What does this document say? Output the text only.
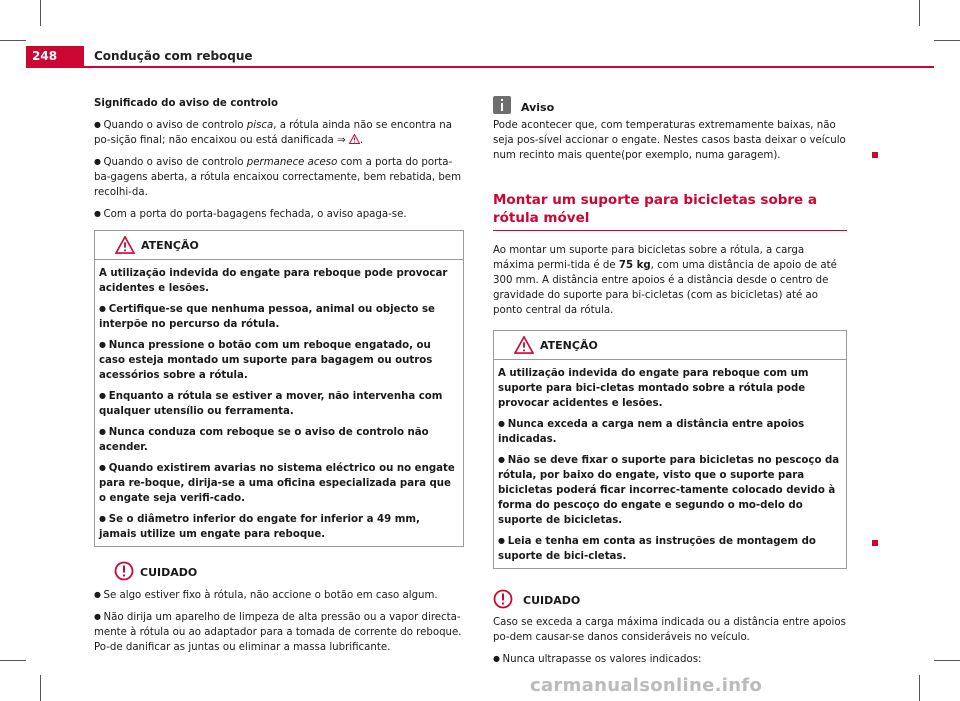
248	Condução com reboque

Significado do aviso de controlo

● Quando o aviso de controlo pisca, a rótula ainda não se encontra na po-sição final; não encaixou ou está danificada ⇒ .

● Quando o aviso de controlo permanece aceso com a porta do porta-ba-gagens aberta, a rótula encaixou correctamente, bem rebatida, bem recolhi-da.

● Com a porta do porta-bagagens fechada, o aviso apaga-se.

ATENÇÃO

A utilização indevida do engate para reboque pode provocar acidentes e lesões.

● Certifique-se que nenhuma pessoa, animal ou objecto se interpõe no percurso da rótula.

● Nunca pressione o botão com um reboque engatado, ou caso esteja montado um suporte para bagagem ou outros acessórios sobre a rótula.

● Enquanto a rótula se estiver a mover, não intervenha com qualquer utensílio ou ferramenta.

● Nunca conduza com reboque se o aviso de controlo não acender.

● Quando existirem avarias no sistema eléctrico ou no engate para re-boque, dirija-se a uma oficina especializada para que o engate seja verifi-cado.

● Se o diâmetro inferior do engate for inferior a 49 mm, jamais utilize um engate para reboque.

CUIDADO

● Se algo estiver fixo à rótula, não accione o botão em caso algum.

● Não dirija um aparelho de limpeza de alta pressão ou a vapor directa-mente à rótula ou ao adaptador para a tomada de corrente do reboque. Po-de danificar as juntas ou eliminar a massa lubrificante.

Aviso

Pode acontecer que, com temperaturas extremamente baixas, não seja pos-sível accionar o engate. Nestes casos basta deixar o veículo num recinto mais quente(por exemplo, numa garagem).

Montar um suporte para bicicletas sobre a rótula móvel

Ao montar um suporte para bicicletas sobre a rótula, a carga máxima permi-tida é de 75 kg, com uma distância de apoio de até 300 mm. A distância entre apoios é a distância desde o centro de gravidade do suporte para bi-cicletas (com as bicicletas) até ao ponto central da rótula.

ATENÇÃO

A utilização indevida do engate para reboque com um suporte para bici-cletas montado sobre a rótula pode provocar acidentes e lesões.

● Nunca exceda a carga nem a distância entre apoios indicadas.

● Não se deve fixar o suporte para bicicletas no pescoço da rótula, por baixo do engate, visto que o suporte para bicicletas poderá ficar incorrec-tamente colocado devido à forma do pescoço do engate e segundo o mo-delo do suporte de bicicletas.

● Leia e tenha em conta as instruções de montagem do suporte de bici-cletas.

CUIDADO

Caso se exceda a carga máxima indicada ou a distância entre apoios po-dem causar-se danos consideráveis no veículo.

● Nunca ultrapasse os valores indicados:

carmanualsonline.info
